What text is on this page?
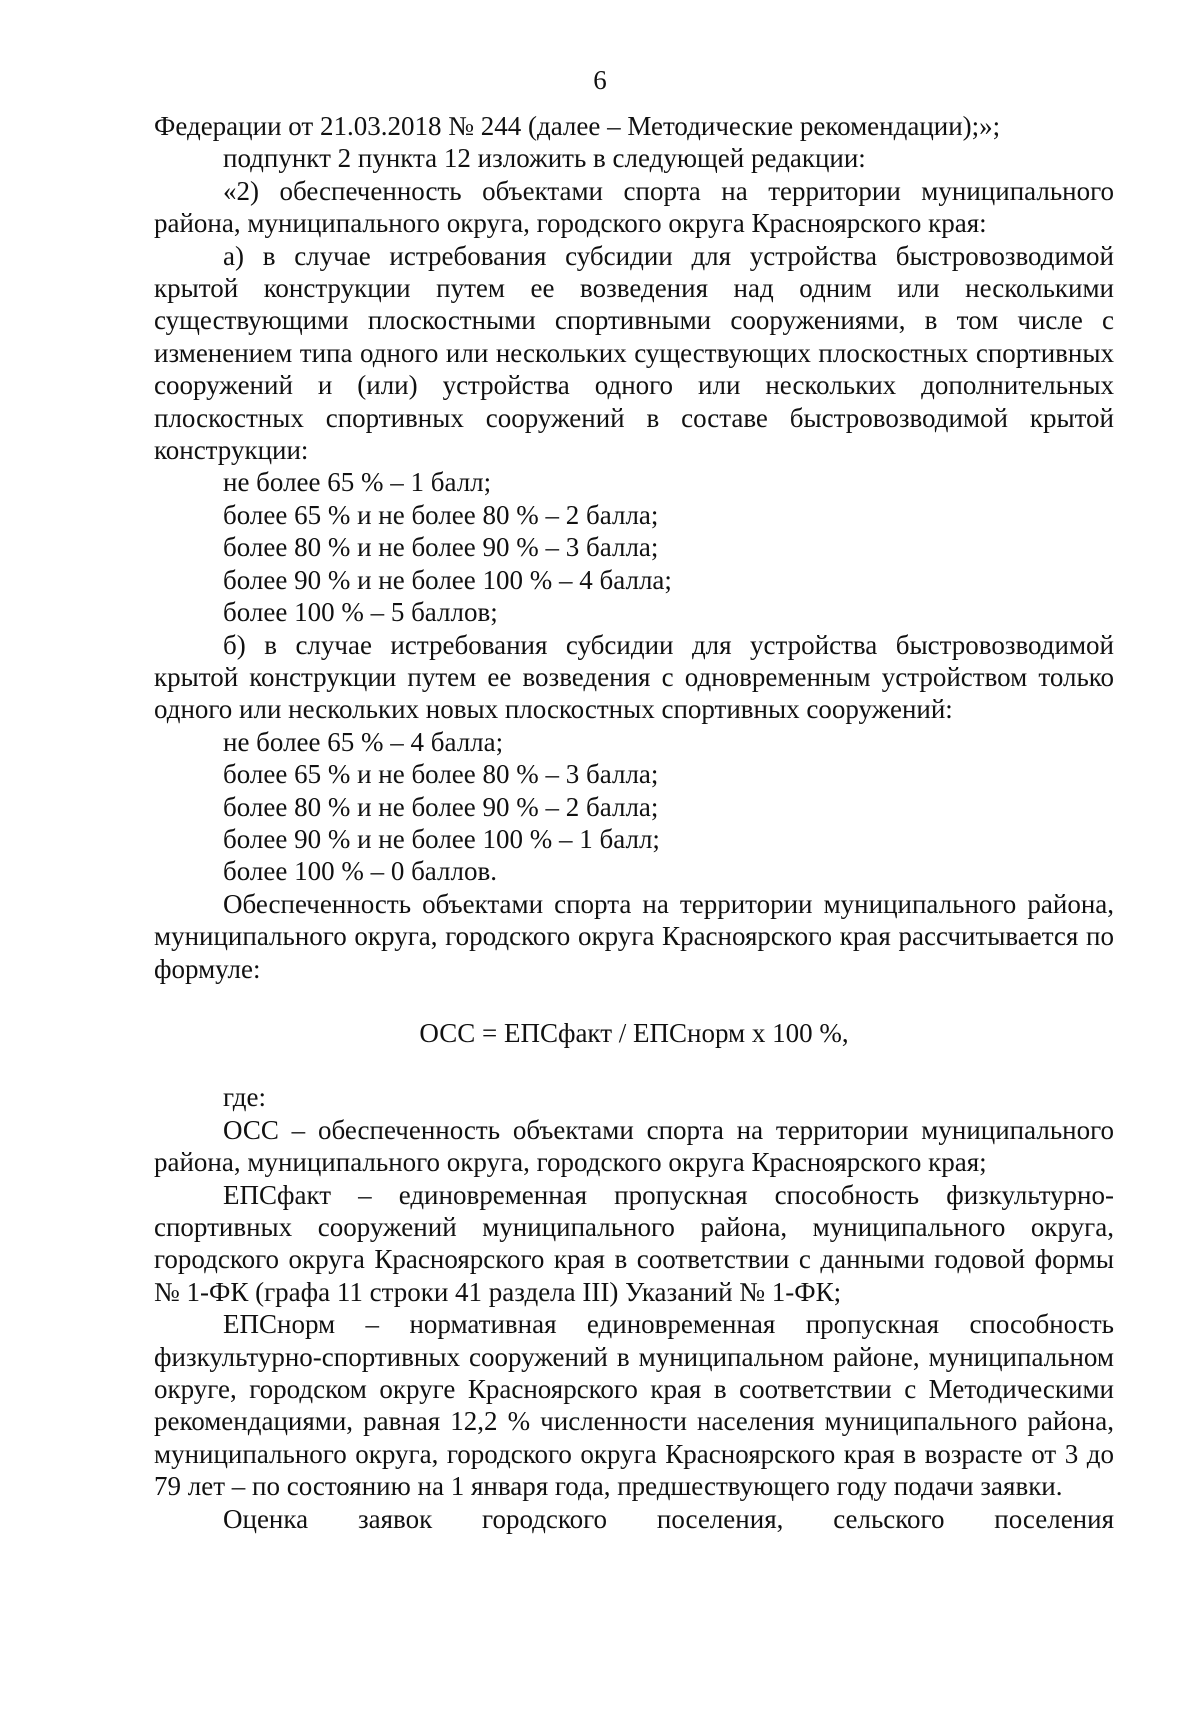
6

Федерации от 21.03.2018 № 244 (далее – Методические рекомендации);»;

подпункт 2 пункта 12 изложить в следующей редакции:

«2) обеспеченность объектами спорта на территории муниципального района, муниципального округа, городского округа Красноярского края:

а) в случае истребования субсидии для устройства быстровозводимой крытой конструкции путем ее возведения над одним или несколькими существующими плоскостными спортивными сооружениями, в том числе с изменением типа одного или нескольких существующих плоскостных спортивных сооружений и (или) устройства одного или нескольких дополнительных плоскостных спортивных сооружений в составе быстровозводимой крытой конструкции:

не более 65 % – 1 балл;

более 65 % и не более 80 % – 2 балла;

более 80 % и не более 90 % – 3 балла;

более 90 % и не более 100 % – 4 балла;

более 100 % – 5 баллов;

б) в случае истребования субсидии для устройства быстровозводимой крытой конструкции путем ее возведения с одновременным устройством только одного или нескольких новых плоскостных спортивных сооружений:

не более 65 % – 4 балла;

более 65 % и не более 80 % – 3 балла;

более 80 % и не более 90 % – 2 балла;

более 90 % и не более 100 % – 1 балл;

более 100 % – 0 баллов.

Обеспеченность объектами спорта на территории муниципального района, муниципального округа, городского округа Красноярского края рассчитывается по формуле:

ОСС = ЕПСфакт / ЕПСнорм х 100 %,

где:

ОСС – обеспеченность объектами спорта на территории муниципального района, муниципального округа, городского округа Красноярского края;

ЕПСфакт – единовременная пропускная способность физкультурно-спортивных сооружений муниципального района, муниципального округа, городского округа Красноярского края в соответствии с данными годовой формы № 1-ФК (графа 11 строки 41 раздела III) Указаний № 1-ФК;

ЕПСнорм – нормативная единовременная пропускная способность физкультурно-спортивных сооружений в муниципальном районе, муниципальном округе, городском округе Красноярского края в соответствии с Методическими рекомендациями, равная 12,2 % численности населения муниципального района, муниципального округа, городского округа Красноярского края в возрасте от 3 до 79 лет – по состоянию на 1 января года, предшествующего году подачи заявки.

Оценка заявок городского поселения, сельского поселения
